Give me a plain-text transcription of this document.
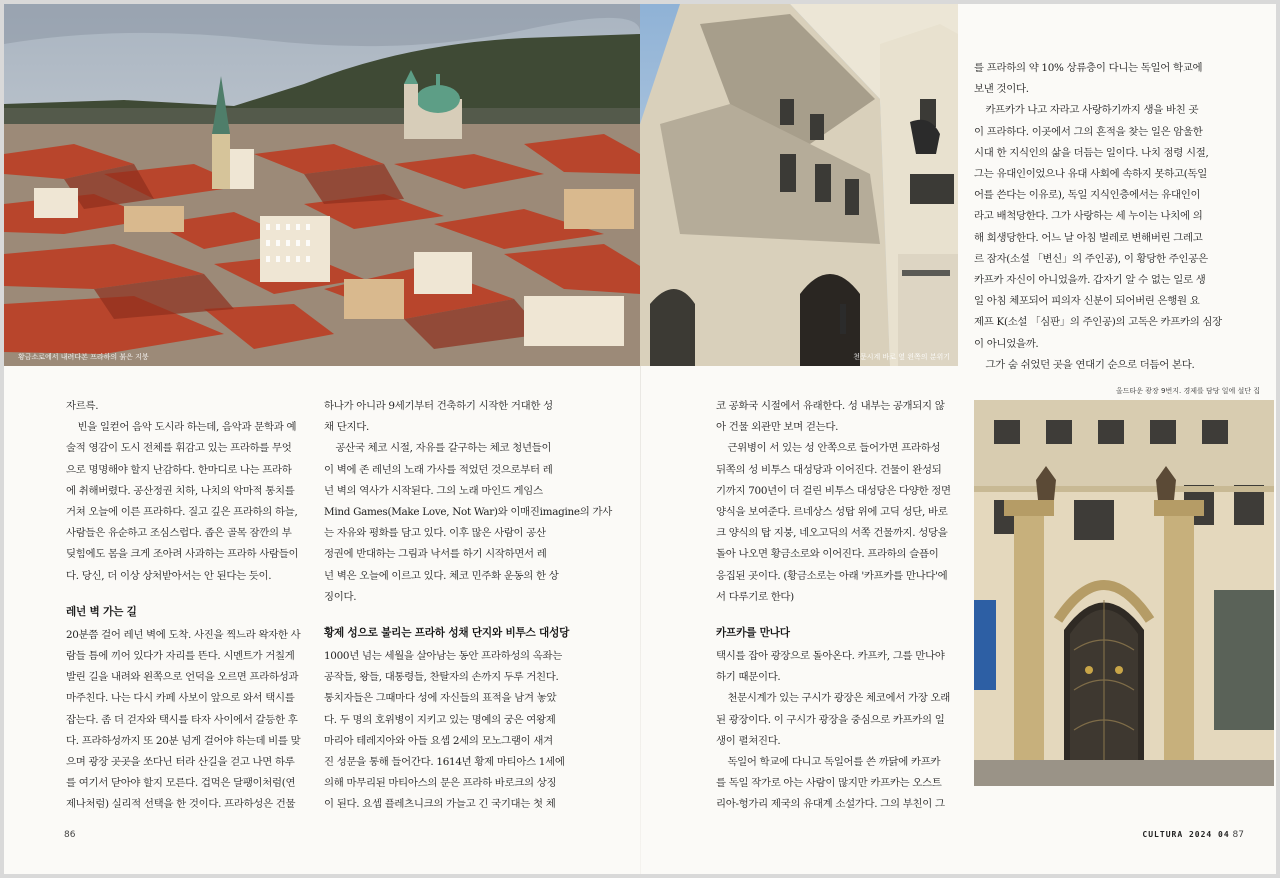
황금소로에서 내려다본 프라하의 붉은 지붕	천문시계 바로 옆 왼쪽의 분위기

를 프라하의 약 10% 상류층이 다니는 독일어 학교에

보낸 것이다.

카프카가 나고 자라고 사랑하기까지 생을 바친 곳

이 프라하다. 이곳에서 그의 흔적을 찾는 일은 암울한

시대 한 지식인의 삶을 더듬는 일이다. 나치 점령 시절,

그는 유대인이었으나 유대 사회에 속하지 못하고(독일

어를 쓴다는 이유로), 독일 지식인층에서는 유대인이

라고 배척당한다. 그가 사랑하는 세 누이는 나치에 의

해 희생당한다. 어느 날 아침 벌레로 변해버린 그레고

르 잠자(소설 「변신」의 주인공), 이 황당한 주인공은

카프카 자신이 아니었을까. 갑자기 알 수 없는 일로 생

일 아침 체포되어 피의자 신분이 되어버린 은행원 요

제프 K(소설 「심판」의 주인공)의 고독은 카프카의 심장

이 아니었을까.

그가 숨 쉬었던 곳을 연대기 순으로 더듬어 본다.

자르륵.

빈을 일컫어 음악 도시라 하는데, 음악과 문학과 예

술적 영감이 도시 전체를 휘감고 있는 프라하를 무엇

으로 명명해야 할지 난감하다. 한마디로 나는 프라하

에 취해버렸다. 공산정권 치하, 나치의 악마적 통치를

거쳐 오늘에 이른 프라하다. 질고 깊은 프라하의 하늘,

사람들은 유순하고 조심스럽다. 좁은 골목 잠깐의 부

딪힘에도 몸을 크게 조아려 사과하는 프라하 사람들이

다. 당신, 더 이상 상처받아서는 안 된다는 듯이.

레넌 벽 가는 길

20분쯤 걸어 레넌 벽에 도착. 사진을 찍느라 왁자한 사

람들 틈에 끼어 있다가 자리를 뜬다. 시멘트가 거칠게

발린 길을 내려와 왼쪽으로 언덕을 오르면 프라하성과

마주친다. 나는 다시 카페 사보이 앞으로 와서 택시를

잡는다. 좀 더 걷자와 택시를 타자 사이에서 갈등한 후

다. 프라하성까지 또 20분 넘게 걸어야 하는데 비를 맞

으며 광장 곳곳을 쏘다닌 터라 산길을 걷고 나면 하루

를 여기서 닫아야 할지 모른다. 겁먹은 달팽이처럼(연

제나처럼) 실리적 선택을 한 것이다. 프라하성은 건물

하나가 아니라 9세기부터 건축하기 시작한 거대한 성

채 단지다.

공산국 체코 시절, 자유를 갈구하는 체코 청년들이

이 벽에 존 레넌의 노래 가사를 적었던 것으로부터 레

넌 벽의 역사가 시작된다. 그의 노래 마인드 게임스

Mind Games(Make Love, Not War)와 이매진imagine의 가사

는 자유와 평화를 담고 있다. 이후 많은 사람이 공산

정권에 반대하는 그림과 낙서를 하기 시작하면서 레

넌 벽은 오늘에 이르고 있다. 체코 민주화 운동의 한 상

징이다.

황제 성으로 불리는 프라하 성채 단지와 비투스 대성당

1000년 넘는 세월을 살아남는 동안 프라하성의 옥좌는

공작들, 왕들, 대통령들, 찬탈자의 손까지 두루 거친다.

통치자들은 그때마다 성에 자신들의 표적을 남겨 놓았

다. 두 명의 호위병이 지키고 있는 명예의 궁은 여왕제

마리아 테레지아와 아들 요셉 2세의 모노그램이 새겨

진 성문을 통해 들어간다. 1614년 황제 마티아스 1세에

의해 마무리된 마티아스의 문은 프라하 바로크의 상징

이 된다. 요셉 플레츠니크의 가늘고 긴 국기대는 첫 체

코 공화국 시절에서 유래한다. 성 내부는 공개되지 않

아 건물 외관만 보며 걷는다.

근위병이 서 있는 성 안쪽으로 들어가면 프라하성

뒤쪽의 성 비투스 대성당과 이어진다. 건물이 완성되

기까지 700년이 더 걸린 비투스 대성당은 다양한 정면

양식을 보여준다. 르네상스 성탑 위에 고딕 성단, 바로

크 양식의 탑 지붕, 네오고딕의 서쪽 건물까지. 성당을

돌아 나오면 황금소로와 이어진다. 프라하의 슬픔이

응집된 곳이다. (황금소로는 아래 '카프카를 만나다'에

서 다루기로 한다)

카프카를 만나다

택시를 잡아 광장으로 돌아온다. 카프카, 그를 만나야

하기 때문이다.

천문시계가 있는 구시가 광장은 체코에서 가장 오래

된 광장이다. 이 구시가 광장을 중심으로 카프카의 일

생이 펼쳐진다.

독일어 학교에 다니고 독일어를 쓴 까닭에 카프카

를 독일 작가로 아는 사람이 많지만 카프카는 오스트

리아-헝가리 제국의 유대계 소설가다. 그의 부친이 그

올드타운 광장 9번지. 경제를 담당 일에 설단 집
86	CULTURA 2024 04 87
